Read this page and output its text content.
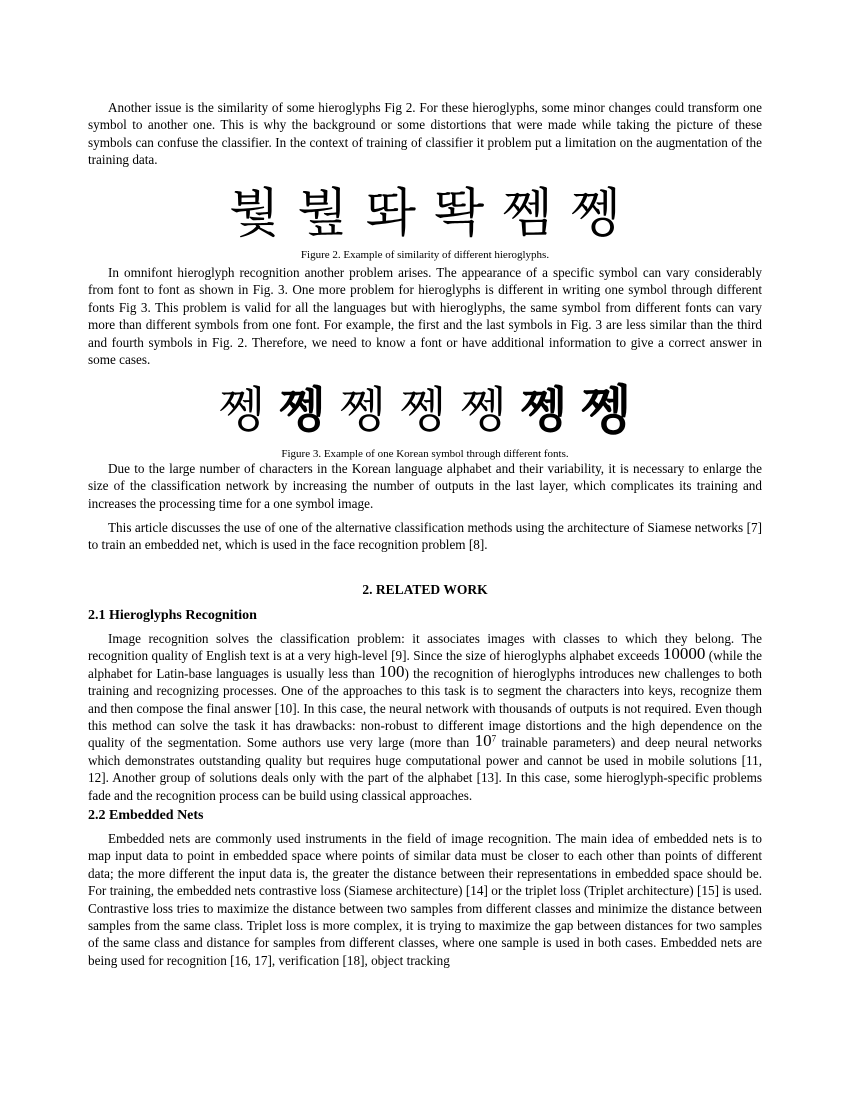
Another issue is the similarity of some hieroglyphs Fig 2. For these hieroglyphs, some minor changes could transform one symbol to another one. This is why the background or some distortions that were made while taking the picture of these symbols can confuse the classifier. In the context of training of classifier it problem put a limitation on the augmentation of the training data.

붳 붶 똬 똭 쩸 쩽

Figure 2. Example of similarity of different hieroglyphs.

In omnifont hieroglyph recognition another problem arises. The appearance of a specific symbol can vary considerably from font to font as shown in Fig. 3. One more problem for hieroglyphs is different in writing one symbol through different fonts Fig 3. This problem is valid for all the languages but with hieroglyphs, the same symbol from different fonts can vary more than different symbols from one font. For example, the first and the last symbols in Fig. 3 are less similar than the third and fourth symbols in Fig. 2. Therefore, we need to know a font or have additional information to give a correct answer in some cases.

쩽 쩽 쩽 쩽 쩽 쩽 쩽

Figure 3. Example of one Korean symbol through different fonts.

Due to the large number of characters in the Korean language alphabet and their variability, it is necessary to enlarge the size of the classification network by increasing the number of outputs in the last layer, which complicates its training and increases the processing time for a one symbol image.

This article discusses the use of one of the alternative classification methods using the architecture of Siamese networks [7] to train an embedded net, which is used in the face recognition problem [8].

2. RELATED WORK
2.1 Hieroglyphs Recognition

Image recognition solves the classification problem: it associates images with classes to which they belong. The recognition quality of English text is at a very high-level [9]. Since the size of hieroglyphs alphabet exceeds 10000 (while the alphabet for Latin-base languages is usually less than 100) the recognition of hieroglyphs introduces new challenges to both training and recognizing processes. One of the approaches to this task is to segment the characters into keys, recognize them and then compose the final answer [10]. In this case, the neural network with thousands of outputs is not required. Even though this method can solve the task it has drawbacks: non-robust to different image distortions and the high dependence on the quality of the segmentation. Some authors use very large (more than $10^7$ trainable parameters) and deep neural networks which demonstrates outstanding quality but requires huge computational power and cannot be used in mobile solutions [11, 12]. Another group of solutions deals only with the part of the alphabet [13]. In this case, some hieroglyph-specific problems fade and the recognition process can be build using classical approaches.

2.2 Embedded Nets

Embedded nets are commonly used instruments in the field of image recognition. The main idea of embedded nets is to map input data to point in embedded space where points of similar data must be closer to each other than points of different data; the more different the input data is, the greater the distance between their representations in embedded space should be. For training, the embedded nets contrastive loss (Siamese architecture) [14] or the triplet loss (Triplet architecture) [15] is used. Contrastive loss tries to maximize the distance between two samples from different classes and minimize the distance between samples from the same class. Triplet loss is more complex, it is trying to maximize the gap between distances for two samples of the same class and distance for samples from different classes, where one sample is used in both cases. Embedded nets are being used for recognition [16, 17], verification [18], object tracking
